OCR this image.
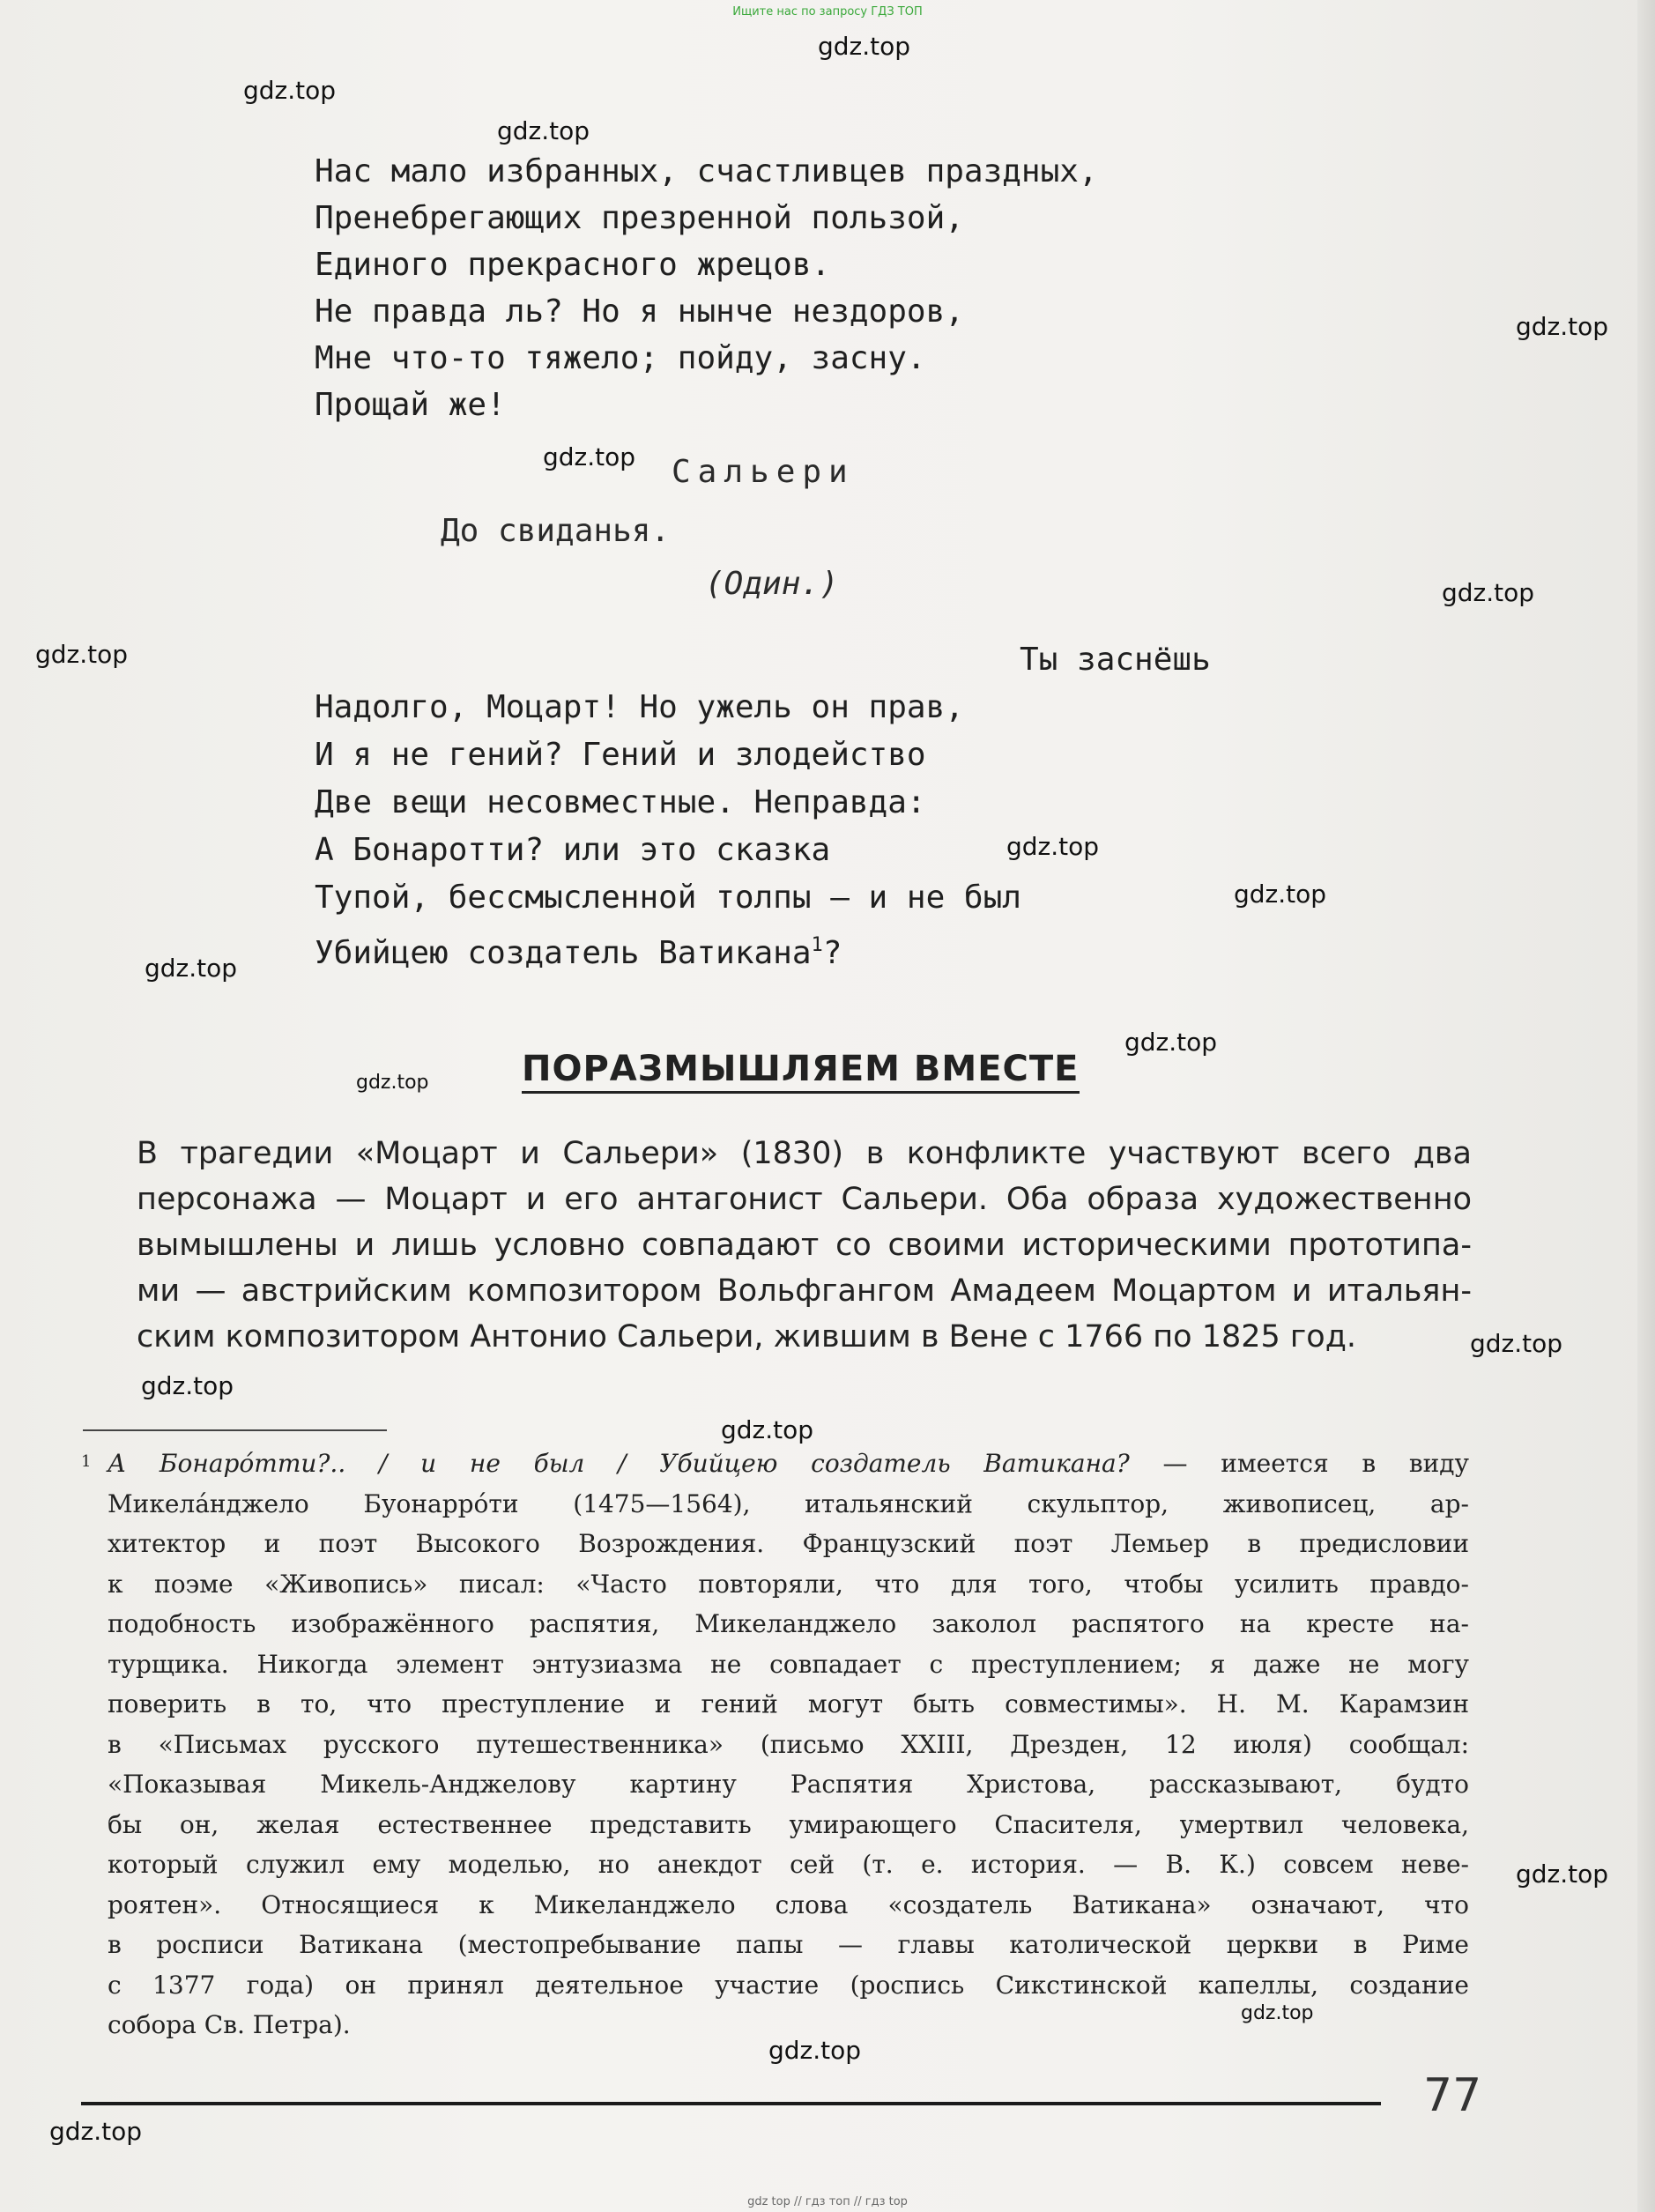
Ищите нас по запросу ГДЗ ТОП
gdz.top
gdz.top
gdz.top
gdz.top
gdz.top
gdz.top
gdz.top
gdz.top
gdz.top
gdz.top
gdz.top
gdz.top
gdz.top
gdz.top
gdz.top
gdz.top
gdz.top
gdz.top
gdz.top
Нас мало избранных, счастливцев праздных,
Пренебрегающих презренной пользой,
Единого прекрасного жрецов.
Не правда ль? Но я нынче нездоров,
Мне что-то тяжело; пойду, засну.
Прощай же!
Сальери
До свиданья.
(Один.)
Ты заснёшь
Надолго, Моцарт! Но ужель он прав,
И я не гений? Гений и злодейство
Две вещи несовместные. Неправда:
А Бонаротти? или это сказка
Тупой, бессмысленной толпы — и не был
Убийцею создатель Ватикана$^1$?
ПОРАЗМЫШЛЯЕМ ВМЕСТЕ
В трагедии «Моцарт и Сальери» (1830) в конфликте участвуют всего два
персонажа — Моцарт и его антагонист Сальери. Оба образа художественно
вымышлены и лишь условно совпадают со своими историческими прототипа-
ми — австрийским композитором Вольфгангом Амадеем Моцартом и итальян-
ским композитором Антонио Сальери, жившим в Вене с 1766 по 1825 год.
1 А Бонаро́тти?.. / и не был / Убийцею создатель Ватикана? — имеется в виду
Микела́нджело Буонарро́ти (1475—1564), итальянский скульптор, живописец, ар-
хитектор и поэт Высокого Возрождения. Французский поэт Лемьер в предисловии
к поэме «Живопись» писал: «Часто повторяли, что для того, чтобы усилить правдо-
подобность изображённого распятия, Микеланджело заколол распятого на кресте на-
турщика. Никогда элемент энтузиазма не совпадает с преступлением; я даже не могу
поверить в то, что преступление и гений могут быть совместимы». Н. М. Карамзин
в «Письмах русского путешественника» (письмо XXIII, Дрезден, 12 июля) сообщал:
«Показывая Микель-Анджелову картину Распятия Христова, рассказывают, будто
бы он, желая естественнее представить умирающего Спасителя, умертвил человека,
который служил ему моделью, но анекдот сей (т. е. история. — В. К.) совсем неве-
роятен». Относящиеся к Микеланджело слова «создатель Ватикана» означают, что
в росписи Ватикана (местопребывание папы — главы католической церкви в Риме
с 1377 года) он принял деятельное участие (роспись Сикстинской капеллы, создание
собора Св. Петра).
77
gdz top // гдз топ // гдз top
